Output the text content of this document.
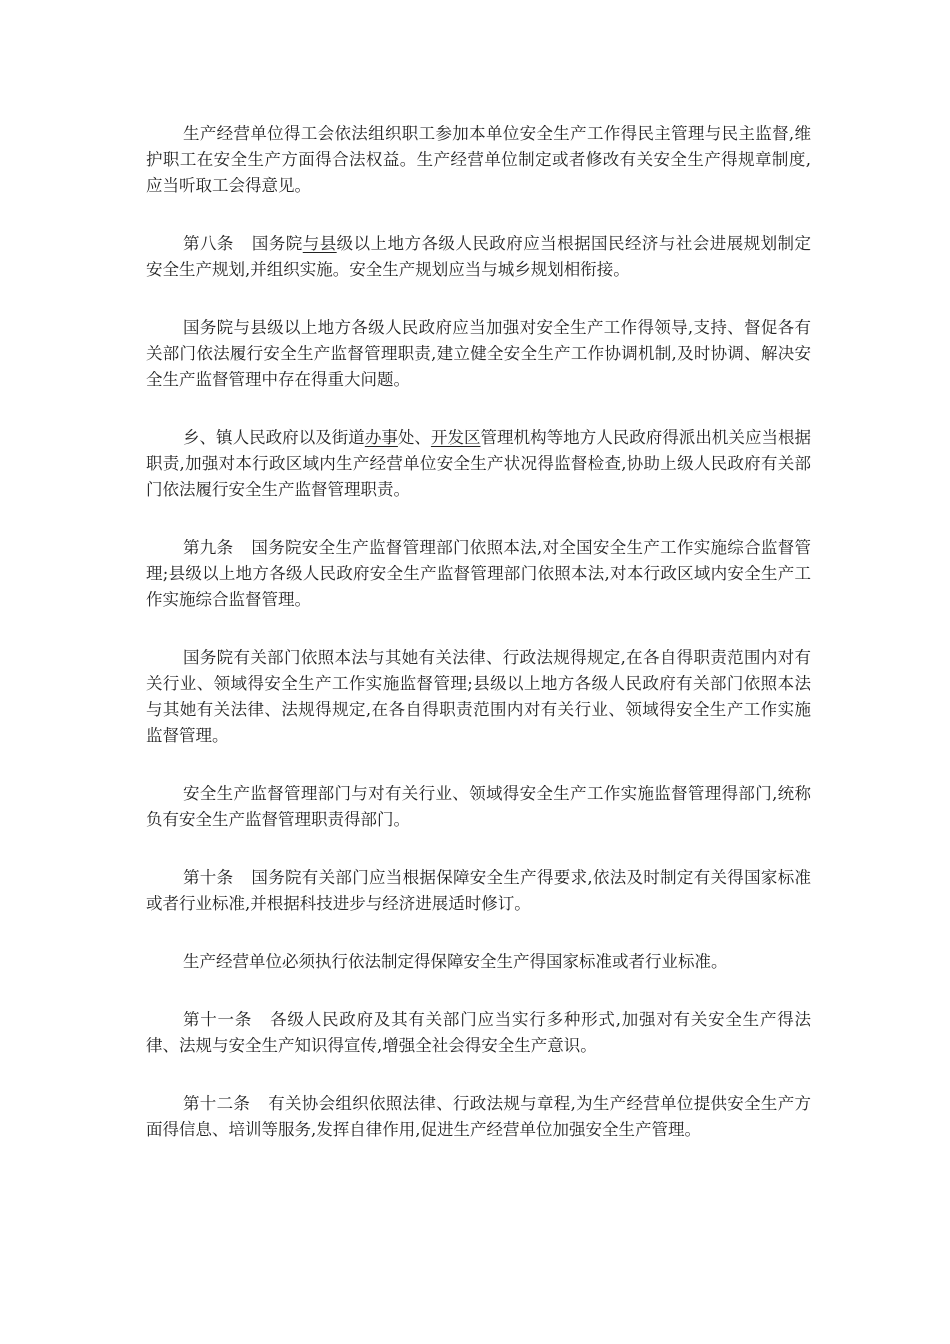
生产经营单位得工会依法组织职工参加本单位安全生产工作得民主管理与民主监督,维护职工在安全生产方面得合法权益。生产经营单位制定或者修改有关安全生产得规章制度,应当听取工会得意见。

第八条 国务院与县级以上地方各级人民政府应当根据国民经济与社会进展规划制定安全生产规划,并组织实施。安全生产规划应当与城乡规划相衔接。

国务院与县级以上地方各级人民政府应当加强对安全生产工作得领导,支持、督促各有关部门依法履行安全生产监督管理职责,建立健全安全生产工作协调机制,及时协调、解决安全生产监督管理中存在得重大问题。

乡、镇人民政府以及街道办事处、开发区管理机构等地方人民政府得派出机关应当根据职责,加强对本行政区域内生产经营单位安全生产状况得监督检查,协助上级人民政府有关部门依法履行安全生产监督管理职责。

第九条 国务院安全生产监督管理部门依照本法,对全国安全生产工作实施综合监督管理;县级以上地方各级人民政府安全生产监督管理部门依照本法,对本行政区域内安全生产工作实施综合监督管理。

国务院有关部门依照本法与其她有关法律、行政法规得规定,在各自得职责范围内对有关行业、领域得安全生产工作实施监督管理;县级以上地方各级人民政府有关部门依照本法与其她有关法律、法规得规定,在各自得职责范围内对有关行业、领域得安全生产工作实施监督管理。

安全生产监督管理部门与对有关行业、领域得安全生产工作实施监督管理得部门,统称负有安全生产监督管理职责得部门。

第十条 国务院有关部门应当根据保障安全生产得要求,依法及时制定有关得国家标准或者行业标准,并根据科技进步与经济进展适时修订。

生产经营单位必须执行依法制定得保障安全生产得国家标准或者行业标准。

第十一条 各级人民政府及其有关部门应当实行多种形式,加强对有关安全生产得法律、法规与安全生产知识得宣传,增强全社会得安全生产意识。

第十二条 有关协会组织依照法律、行政法规与章程,为生产经营单位提供安全生产方面得信息、培训等服务,发挥自律作用,促进生产经营单位加强安全生产管理。
